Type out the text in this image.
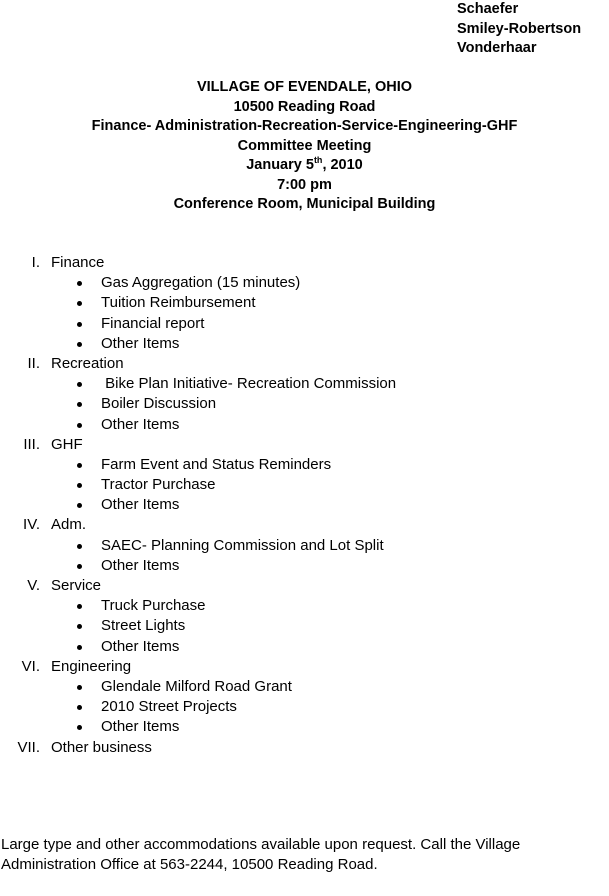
Schaefer
Smiley-Robertson
Vonderhaar
VILLAGE OF EVENDALE, OHIO
10500 Reading Road
Finance- Administration-Recreation-Service-Engineering-GHF
Committee Meeting
January 5th, 2010
7:00 pm
Conference Room, Municipal Building
I. Finance
Gas Aggregation (15 minutes)
Tuition Reimbursement
Financial report
Other Items
II. Recreation
Bike Plan Initiative- Recreation Commission
Boiler Discussion
Other Items
III. GHF
Farm Event and Status Reminders
Tractor Purchase
Other Items
IV. Adm.
SAEC- Planning Commission and Lot Split
Other Items
V. Service
Truck Purchase
Street Lights
Other Items
VI. Engineering
Glendale Milford Road Grant
2010 Street Projects
Other Items
VII. Other business
Large type and other accommodations available upon request. Call the Village
Administration Office at 563-2244, 10500 Reading Road.
